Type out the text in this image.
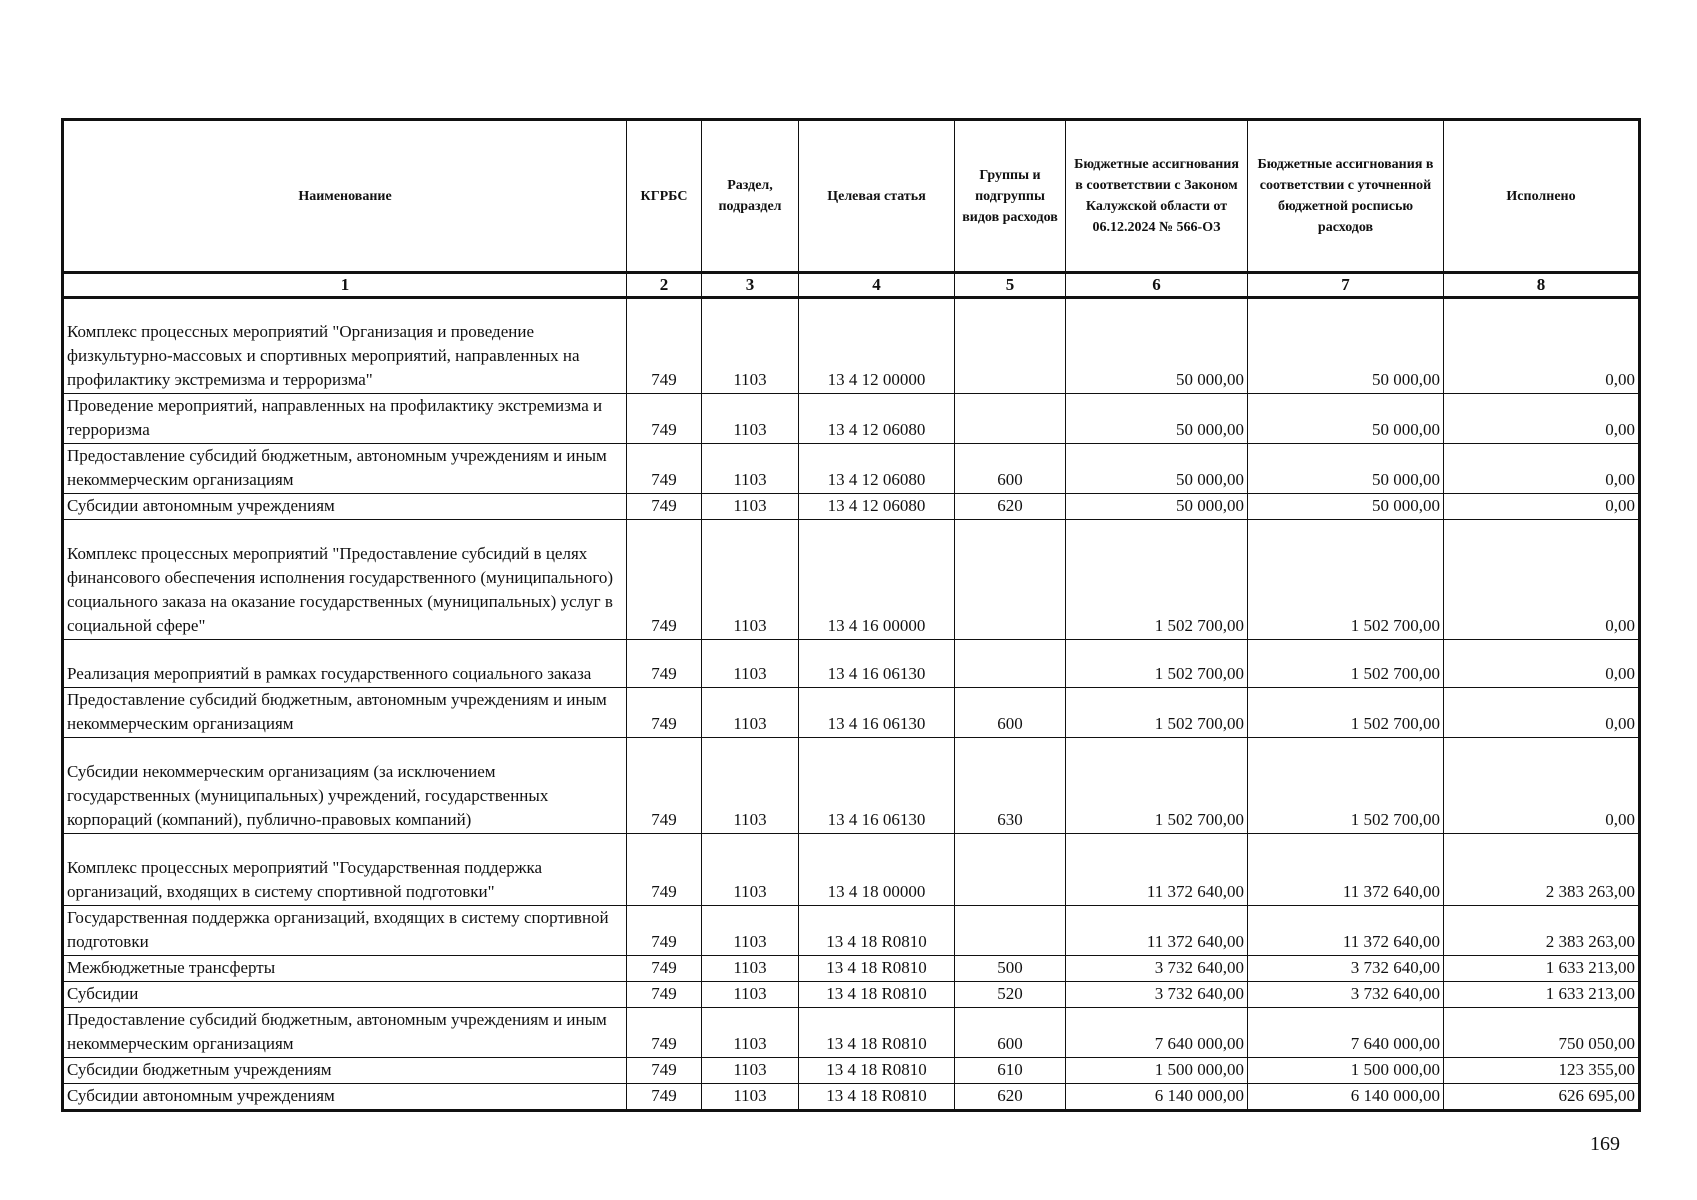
Наименование	КГРБС	Раздел, подраздел	Целевая статья	Группы и подгруппы видов расходов	Бюджетные ассигнования в соответствии с Законом Калужской области от 06.12.2024 № 566-ОЗ	Бюджетные ассигнования в соответствии с уточненной бюджетной росписью расходов	Исполнено
1	2	3	4	5	6	7	8
Комплекс процессных мероприятий "Организация и проведение физкультурно-массовых и спортивных мероприятий, направленных на профилактику экстремизма и терроризма"	749	1103	13 4 12 00000		50 000,00	50 000,00	0,00
Проведение мероприятий, направленных на профилактику экстремизма и терроризма	749	1103	13 4 12 06080		50 000,00	50 000,00	0,00
Предоставление субсидий бюджетным, автономным учреждениям и иным некоммерческим организациям	749	1103	13 4 12 06080	600	50 000,00	50 000,00	0,00
Субсидии автономным учреждениям	749	1103	13 4 12 06080	620	50 000,00	50 000,00	0,00
Комплекс процессных мероприятий "Предоставление субсидий в целях финансового обеспечения исполнения государственного (муниципального) социального заказа на оказание государственных (муниципальных) услуг в социальной сфере"	749	1103	13 4 16 00000		1 502 700,00	1 502 700,00	0,00
Реализация мероприятий в рамках государственного социального заказа	749	1103	13 4 16 06130		1 502 700,00	1 502 700,00	0,00
Предоставление субсидий бюджетным, автономным учреждениям и иным некоммерческим организациям	749	1103	13 4 16 06130	600	1 502 700,00	1 502 700,00	0,00
Субсидии некоммерческим организациям (за исключением государственных (муниципальных) учреждений, государственных корпораций (компаний), публично-правовых компаний)	749	1103	13 4 16 06130	630	1 502 700,00	1 502 700,00	0,00
Комплекс процессных мероприятий "Государственная поддержка организаций, входящих в систему спортивной подготовки"	749	1103	13 4 18 00000		11 372 640,00	11 372 640,00	2 383 263,00
Государственная поддержка организаций, входящих в систему спортивной подготовки	749	1103	13 4 18 R0810		11 372 640,00	11 372 640,00	2 383 263,00
Межбюджетные трансферты	749	1103	13 4 18 R0810	500	3 732 640,00	3 732 640,00	1 633 213,00
Субсидии	749	1103	13 4 18 R0810	520	3 732 640,00	3 732 640,00	1 633 213,00
Предоставление субсидий бюджетным, автономным учреждениям и иным некоммерческим организациям	749	1103	13 4 18 R0810	600	7 640 000,00	7 640 000,00	750 050,00
Субсидии бюджетным учреждениям	749	1103	13 4 18 R0810	610	1 500 000,00	1 500 000,00	123 355,00
Субсидии автономным учреждениям	749	1103	13 4 18 R0810	620	6 140 000,00	6 140 000,00	626 695,00
169
